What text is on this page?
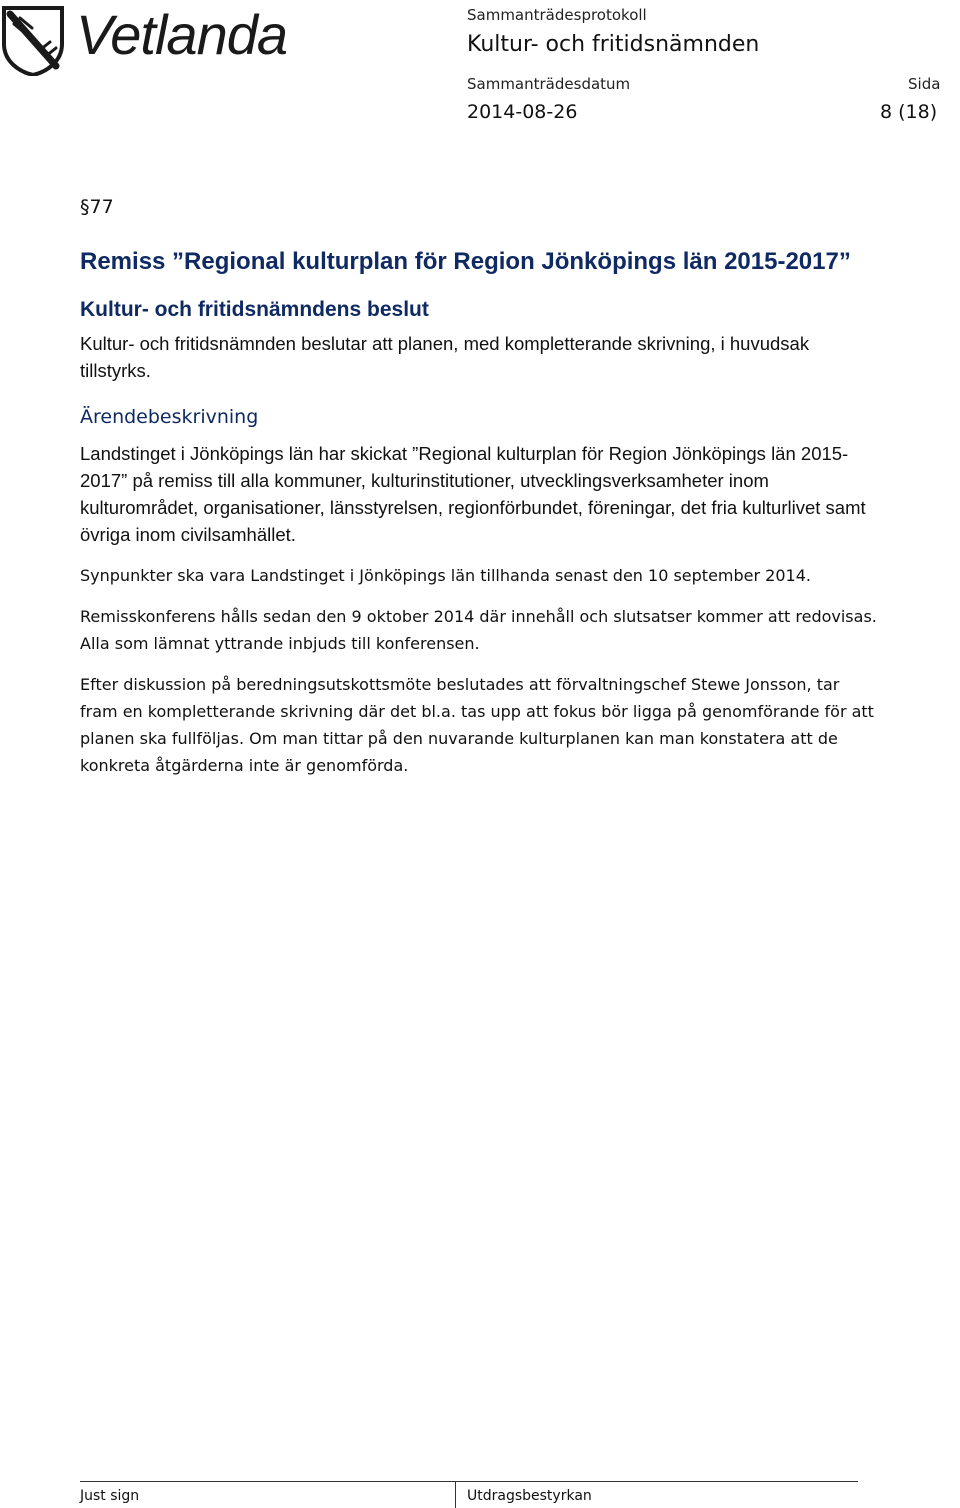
Vetlanda	Sammanträdesprotokoll
Kultur- och fritidsnämnden
Sammanträdesdatum	Sida
2014-08-26	8 (18)
§77
Remiss ”Regional kulturplan för Region Jönköpings län 2015-2017”
Kultur- och fritidsnämndens beslut
Kultur- och fritidsnämnden beslutar att planen, med kompletterande skrivning, i huvudsak tillstyrks.
Ärendebeskrivning
Landstinget i Jönköpings län har skickat ”Regional kulturplan för Region Jönköpings län 2015-2017” på remiss till alla kommuner, kulturinstitutioner, utvecklingsverksamheter inom kulturområdet, organisationer, länsstyrelsen, regionförbundet, föreningar, det fria kulturlivet samt övriga inom civilsamhället.
Synpunkter ska vara Landstinget i Jönköpings län tillhanda senast den 10 september 2014.
Remisskonferens hålls sedan den 9 oktober 2014 där innehåll och slutsatser kommer att redovisas. Alla som lämnat yttrande inbjuds till konferensen.
Efter diskussion på beredningsutskottsmöte beslutades att förvaltningschef Stewe Jonsson, tar fram en kompletterande skrivning där det bl.a. tas upp att fokus bör ligga på genomförande för att planen ska fullföljas. Om man tittar på den nuvarande kulturplanen kan man konstatera att de konkreta åtgärderna inte är genomförda.
Just sign	Utdragsbestyrkan
